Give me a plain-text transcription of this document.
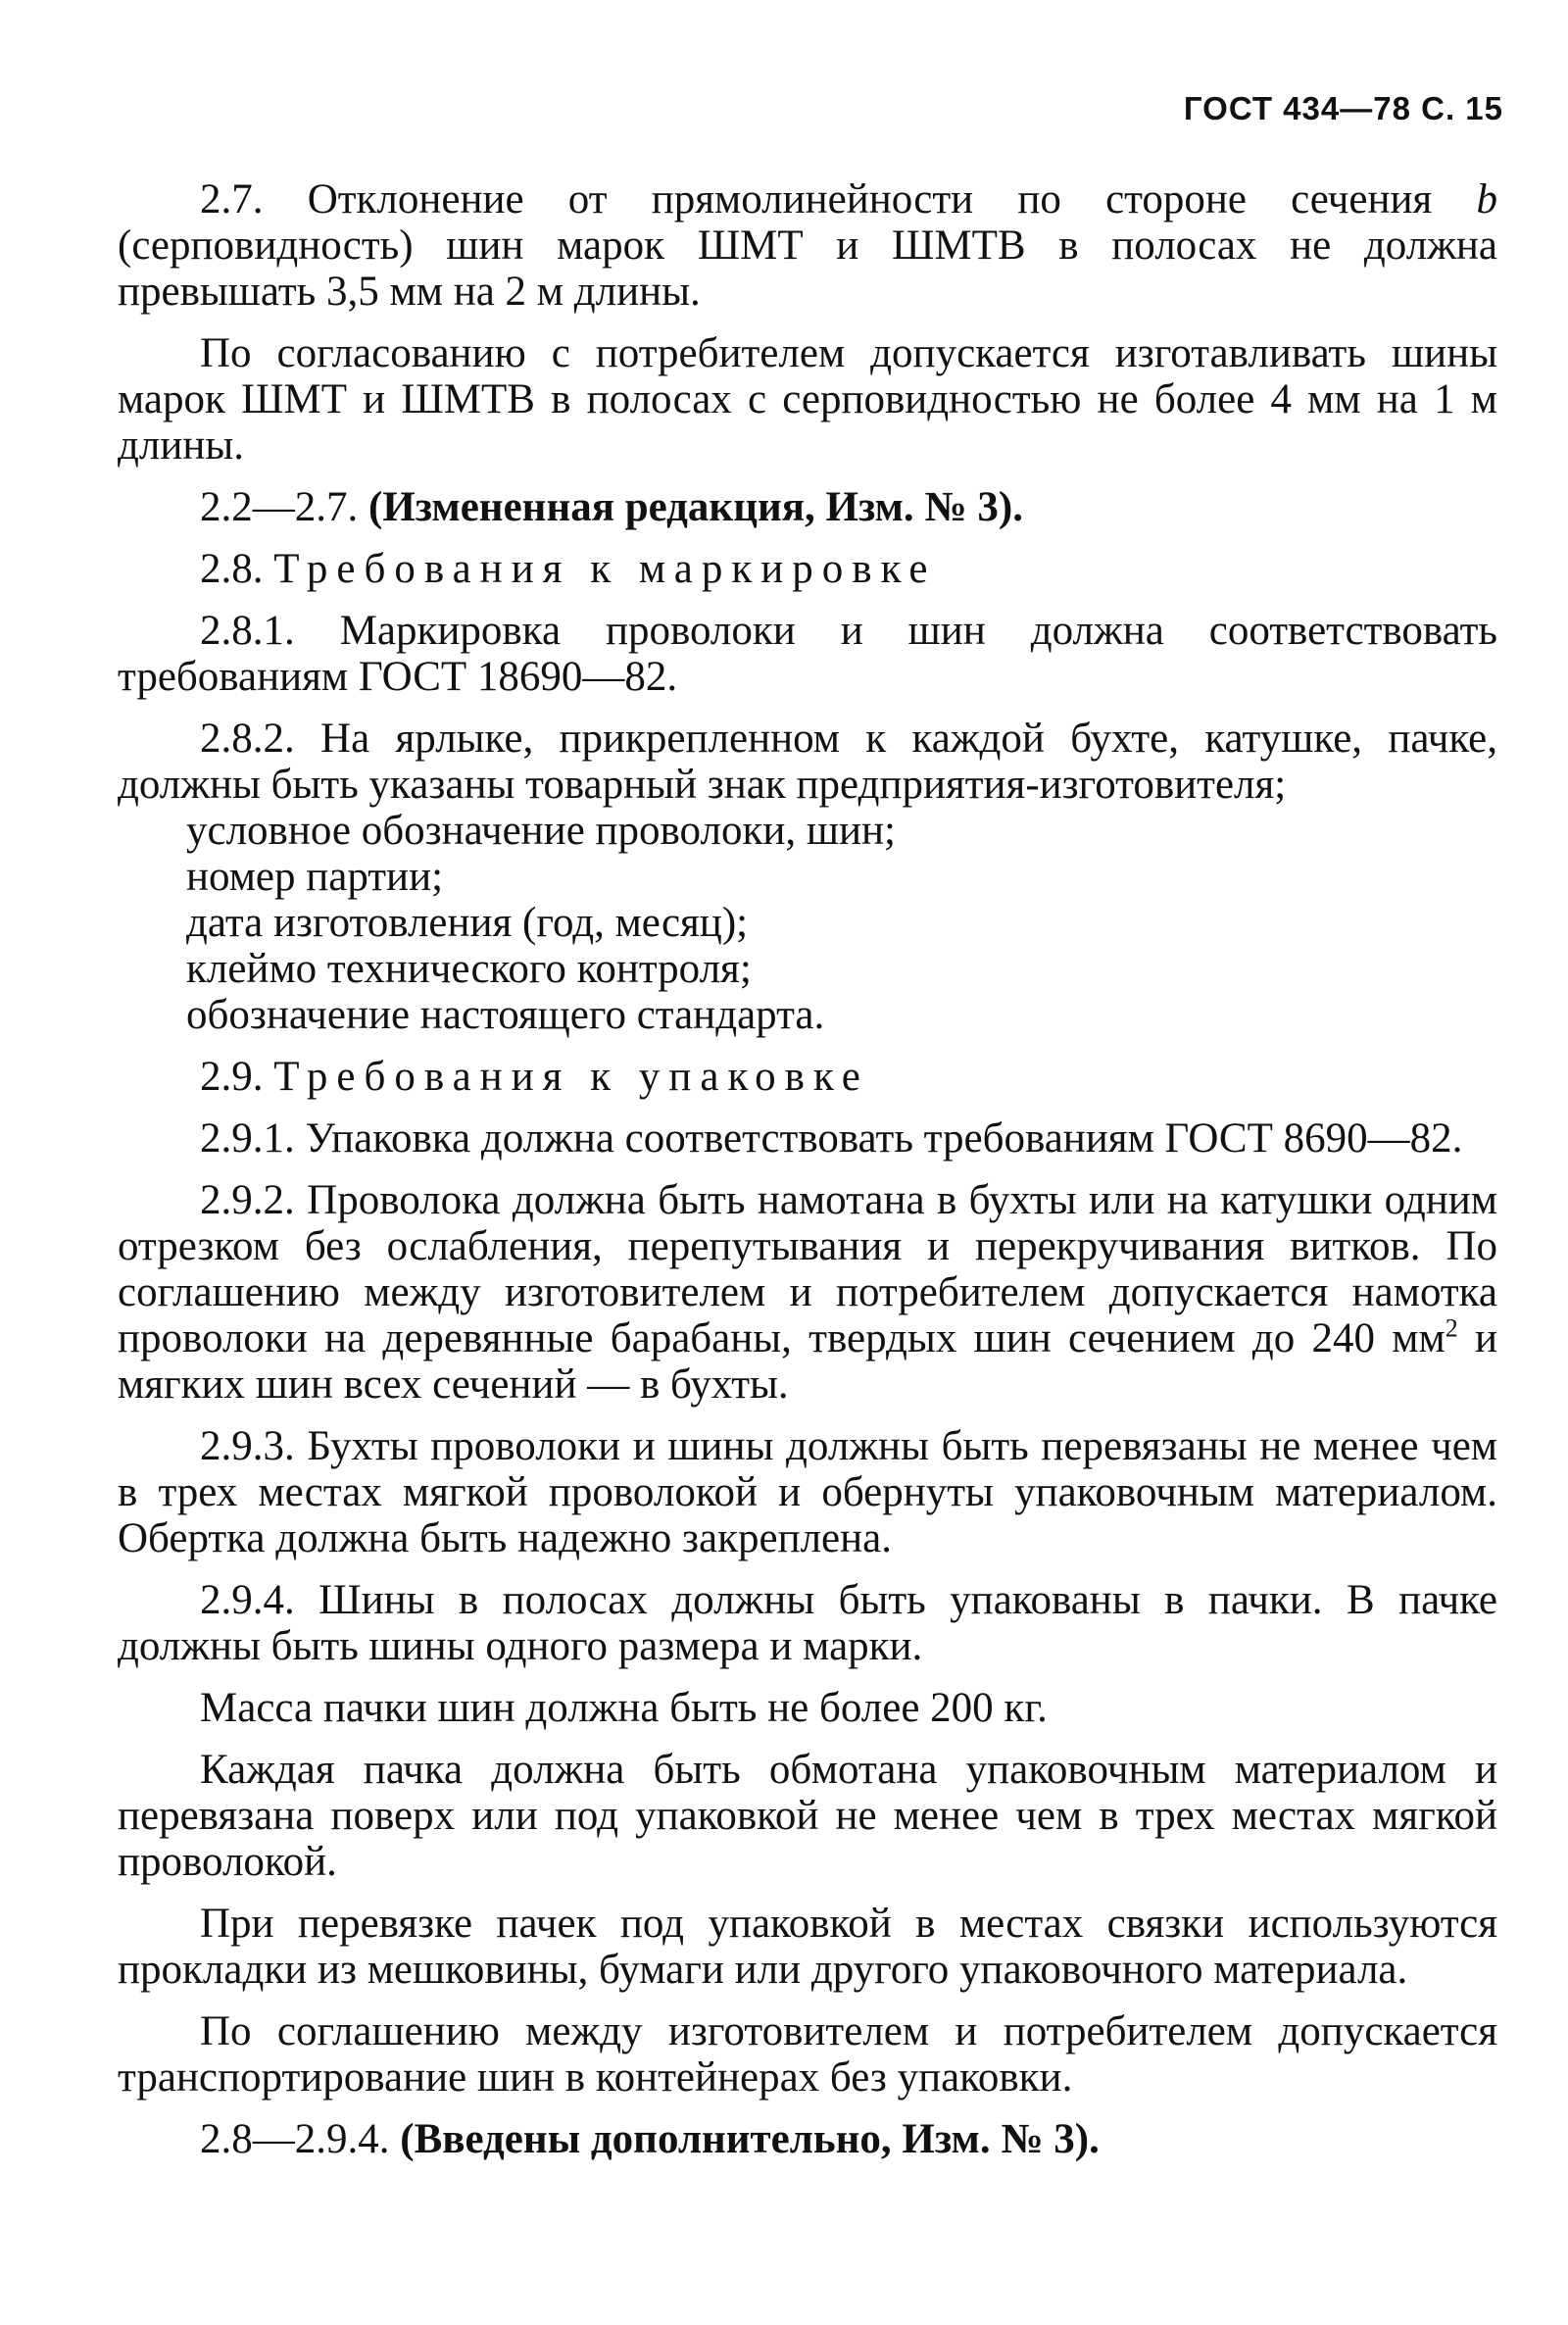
ГОСТ 434—78 С. 15

2.7. Отклонение от прямолинейности по стороне сечения b (серповидность) шин марок ШМТ и ШМТВ в полосах не должна превышать 3,5 мм на 2 м длины.

По согласованию с потребителем допускается изготавливать шины марок ШМТ и ШМТВ в полосах с серповидностью не более 4 мм на 1 м длины.

2.2—2.7. (Измененная редакция, Изм. № 3).

2.8. Требования к маркировке

2.8.1. Маркировка проволоки и шин должна соответствовать требованиям ГОСТ 18690—82.

2.8.2. На ярлыке, прикрепленном к каждой бухте, катушке, пачке, должны быть указаны товарный знак предприятия-изготовителя;

условное обозначение проволоки, шин;
номер партии;
дата изготовления (год, месяц);
клеймо технического контроля;
обозначение настоящего стандарта.

2.9. Требования к упаковке

2.9.1. Упаковка должна соответствовать требованиям ГОСТ 8690—82.

2.9.2. Проволока должна быть намотана в бухты или на катушки одним отрезком без ослабления, перепутывания и перекручивания витков. По соглашению между изготовителем и потребителем допускается намотка проволоки на деревянные барабаны, твердых шин сечением до 240 $мм^2$ и мягких шин всех сечений — в бухты.

2.9.3. Бухты проволоки и шины должны быть перевязаны не менее чем в трех местах мягкой проволокой и обернуты упаковочным материалом. Обертка должна быть надежно закреплена.

2.9.4. Шины в полосах должны быть упакованы в пачки. В пачке должны быть шины одного размера и марки.

Масса пачки шин должна быть не более 200 кг.

Каждая пачка должна быть обмотана упаковочным материалом и перевязана поверх или под упаковкой не менее чем в трех местах мягкой проволокой.

При перевязке пачек под упаковкой в местах связки используются прокладки из мешковины, бумаги или другого упаковочного материала.

По соглашению между изготовителем и потребителем допускается транспортирование шин в контейнерах без упаковки.

2.8—2.9.4. (Введены дополнительно, Изм. № 3).
